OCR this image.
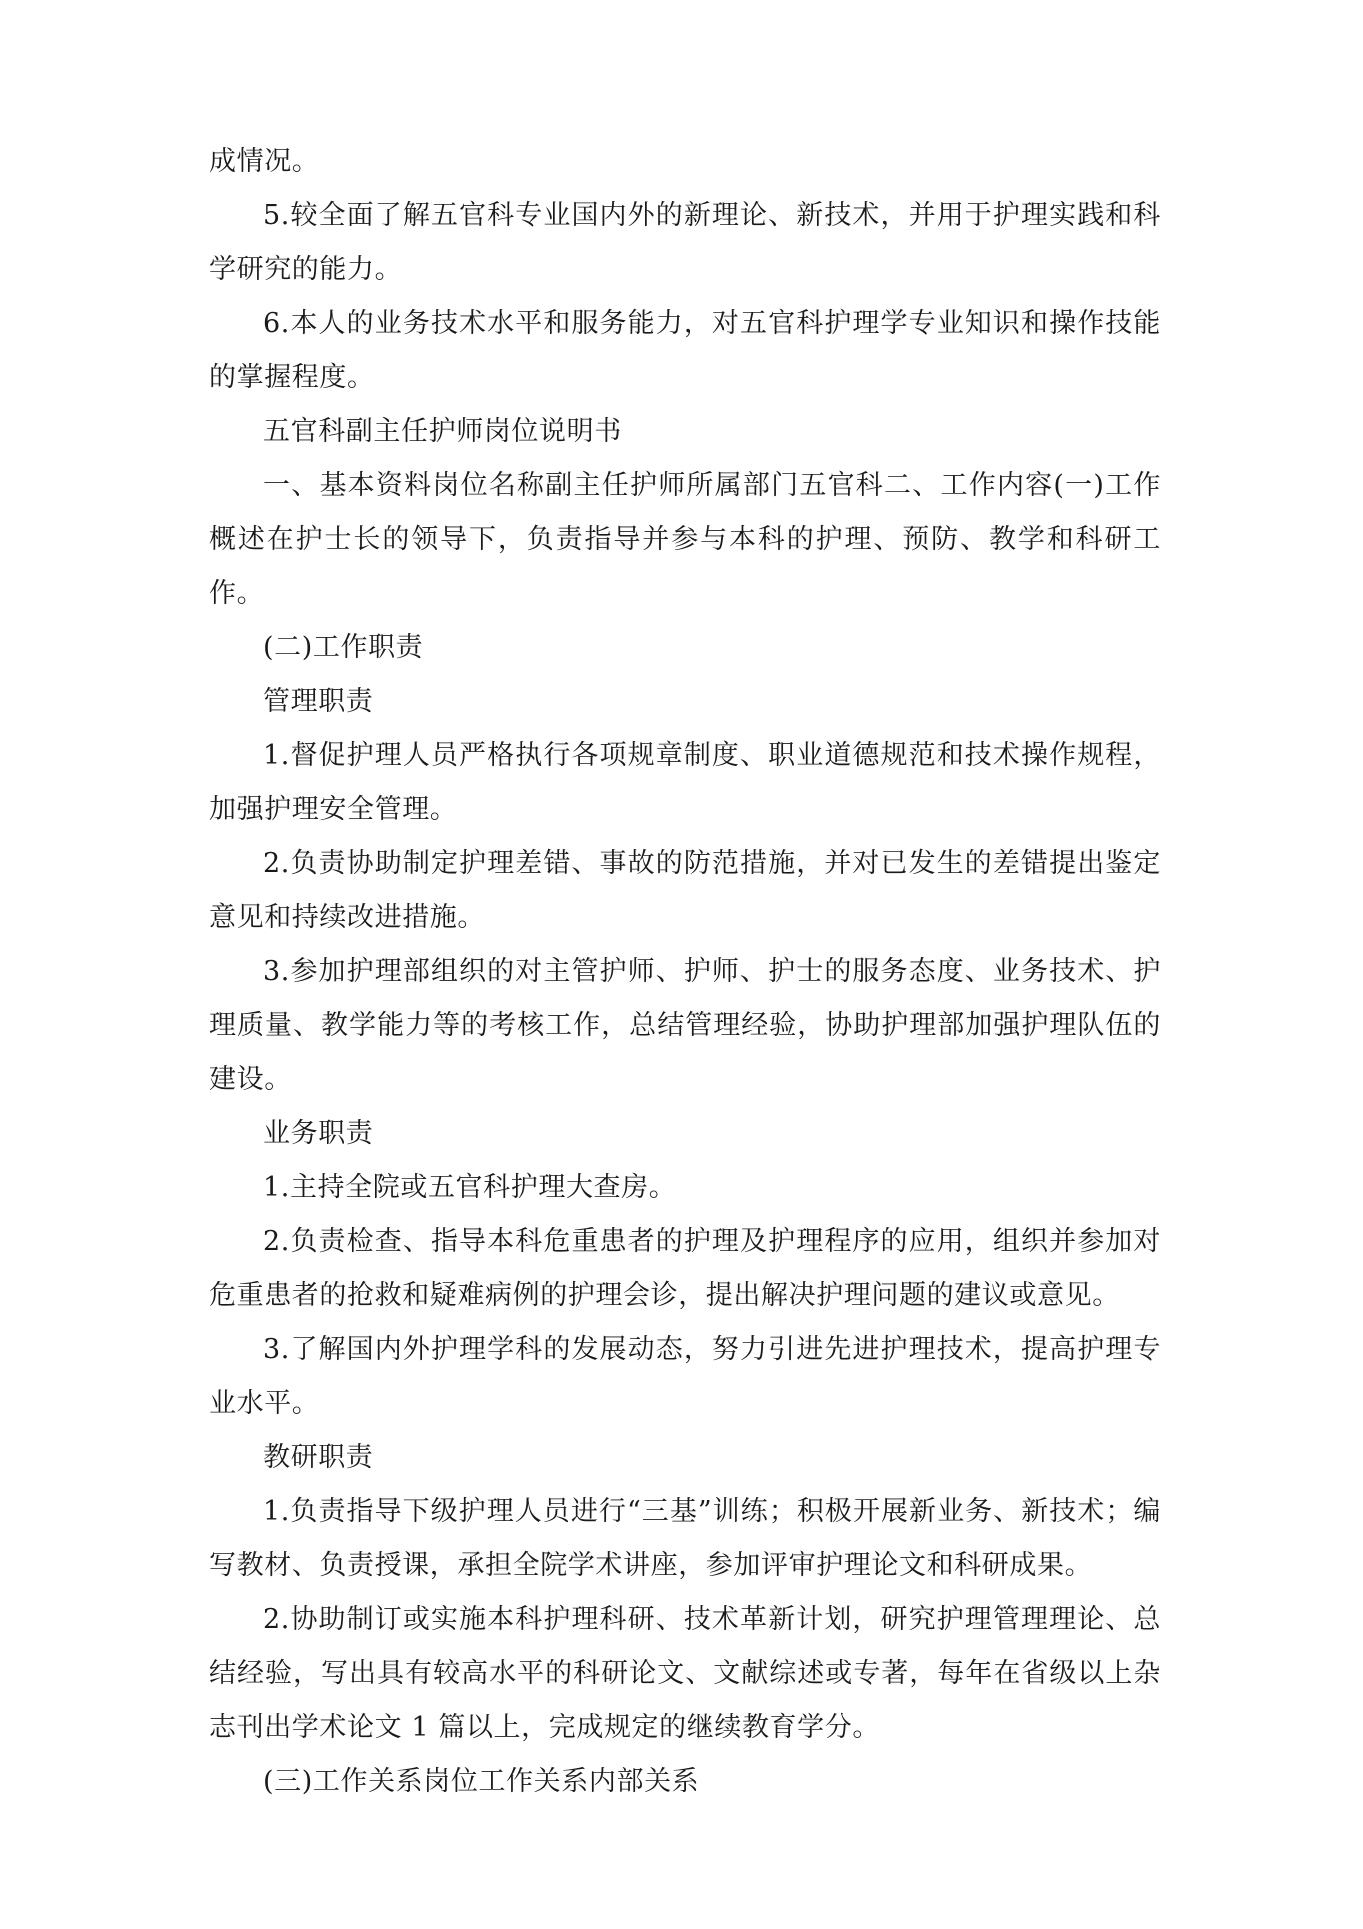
成情况。

5.较全面了解五官科专业国内外的新理论、新技术，并用于护理实践和科学研究的能力。

6.本人的业务技术水平和服务能力，对五官科护理学专业知识和操作技能的掌握程度。

五官科副主任护师岗位说明书

一、基本资料岗位名称副主任护师所属部门五官科二、工作内容(一)工作概述在护士长的领导下，负责指导并参与本科的护理、预防、教学和科研工作。

(二)工作职责

管理职责

1.督促护理人员严格执行各项规章制度、职业道德规范和技术操作规程，加强护理安全管理。

2.负责协助制定护理差错、事故的防范措施，并对已发生的差错提出鉴定意见和持续改进措施。

3.参加护理部组织的对主管护师、护师、护士的服务态度、业务技术、护理质量、教学能力等的考核工作，总结管理经验，协助护理部加强护理队伍的建设。

业务职责

1.主持全院或五官科护理大查房。

2.负责检查、指导本科危重患者的护理及护理程序的应用，组织并参加对危重患者的抢救和疑难病例的护理会诊，提出解决护理问题的建议或意见。

3.了解国内外护理学科的发展动态，努力引进先进护理技术，提高护理专业水平。

教研职责

1.负责指导下级护理人员进行“三基”训练；积极开展新业务、新技术；编写教材、负责授课，承担全院学术讲座，参加评审护理论文和科研成果。

2.协助制订或实施本科护理科研、技术革新计划，研究护理管理理论、总结经验，写出具有较高水平的科研论文、文献综述或专著，每年在省级以上杂志刊出学术论文 1 篇以上，完成规定的继续教育学分。

(三)工作关系岗位工作关系内部关系
